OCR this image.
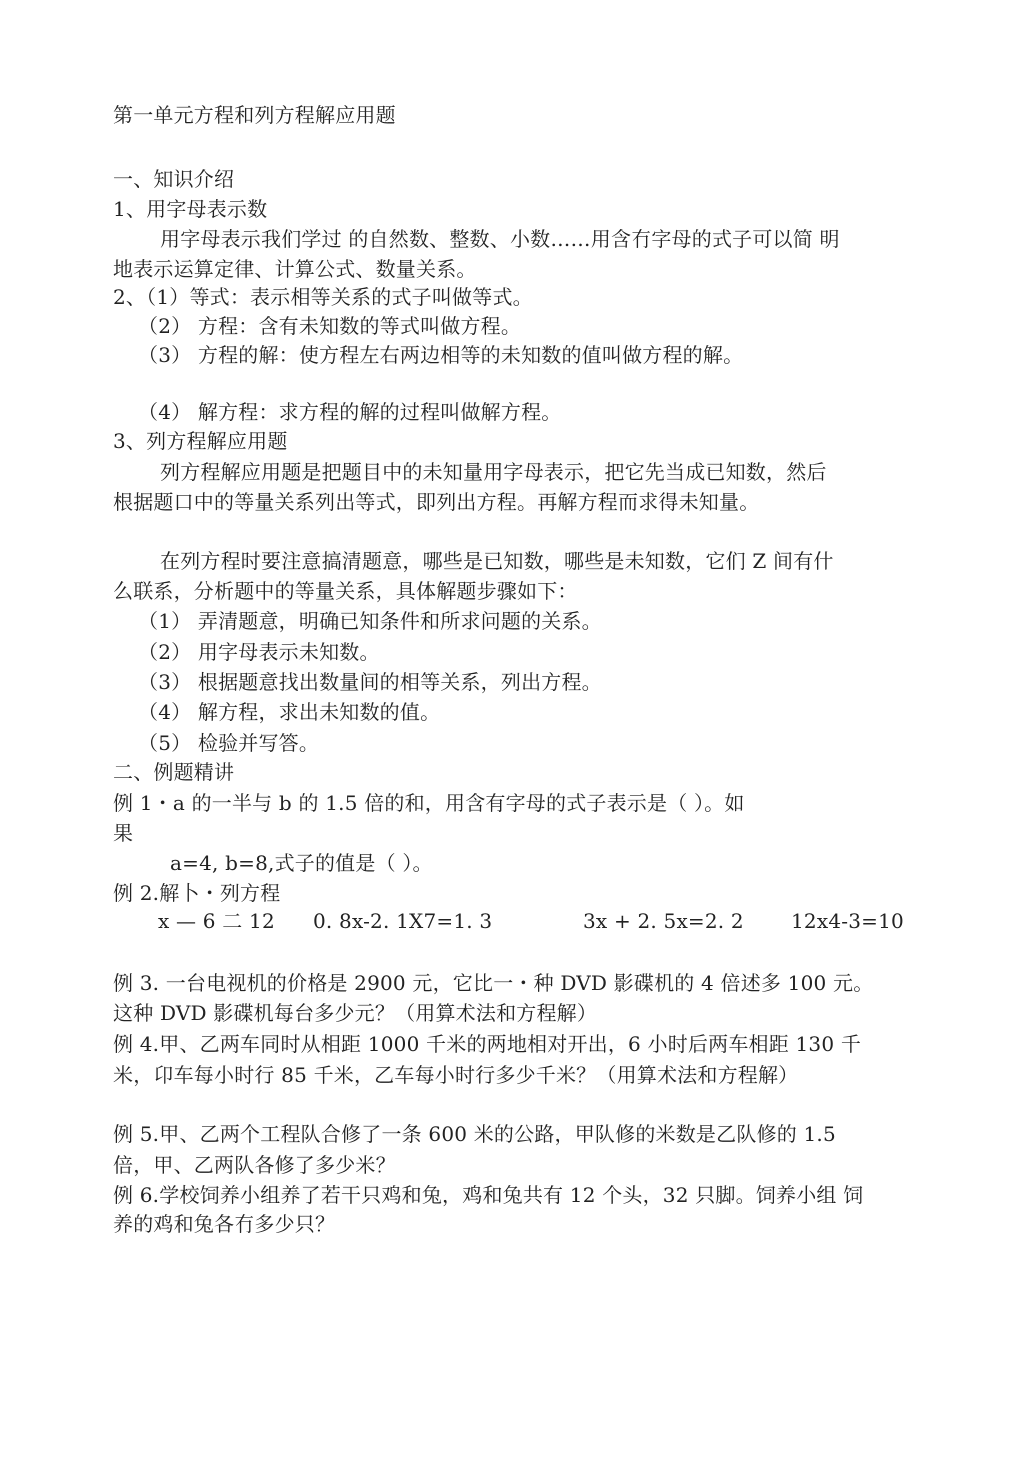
第一单元方程和列方程解应用题
一、知识介绍
1、用字母表示数
用字母表示我们学过 的自然数、整数、小数……用含冇字母的式子可以简 明
地表示运算定律、计算公式、数量关系。
2、（1）等式：表示相等关系的式子叫做等式。
（2） 方程：含有未知数的等式叫做方程。
（3） 方程的解：使方程左右两边相等的未知数的值叫做方程的解。
（4） 解方程：求方程的解的过程叫做解方程。
3、列方程解应用题
列方程解应用题是把题目中的未知量用字母表示，把它先当成已知数，然后
根据题口中的等量关系列出等式，即列出方程。再解方程而求得未知量。
在列方程时要注意搞清题意，哪些是已知数，哪些是未知数，它们 Z 间有什
么联系，分析题中的等量关系，具体解题步骤如下：
（1） 弄清题意，明确已知条件和所求问题的关系。
（2） 用字母表示未知数。
（3） 根据题意找出数量间的相等关系，列出方程。
（4） 解方程，求出未知数的值。
（5） 检验并写答。
二、例题精讲
例 1・a 的一半与 b 的 1.5 倍的和，用含有字母的式子表示是（ ）。如
果
a=4, b=8,式子的值是（ ）。
例 2.解卜・列方程
x — 6 二 12 0. 8x-2. 1X7=1. 3	3x + 2. 5x=2. 2 12x4-3=10
例 3. 一台电视机的价格是 2900 元，它比一・种 DVD 影碟机的 4 倍述多 100 元。
这种 DVD 影碟机每台多少元？（用算术法和方程解）
例 4.甲、乙两车同时从相距 1000 千米的两地相对开出，6 小时后两车相距 130 千
米，卬车每小时行 85 千米，乙车每小时行多少千米？（用算术法和方程解）
例 5.甲、乙两个工程队合修了一条 600 米的公路，甲队修的米数是乙队修的 1.5
倍，甲、乙两队各修了多少米？
例 6.学校饲养小组养了若干只鸡和兔，鸡和兔共有 12 个头，32 只脚。饲养小组 饲
养的鸡和兔各冇多少只？
